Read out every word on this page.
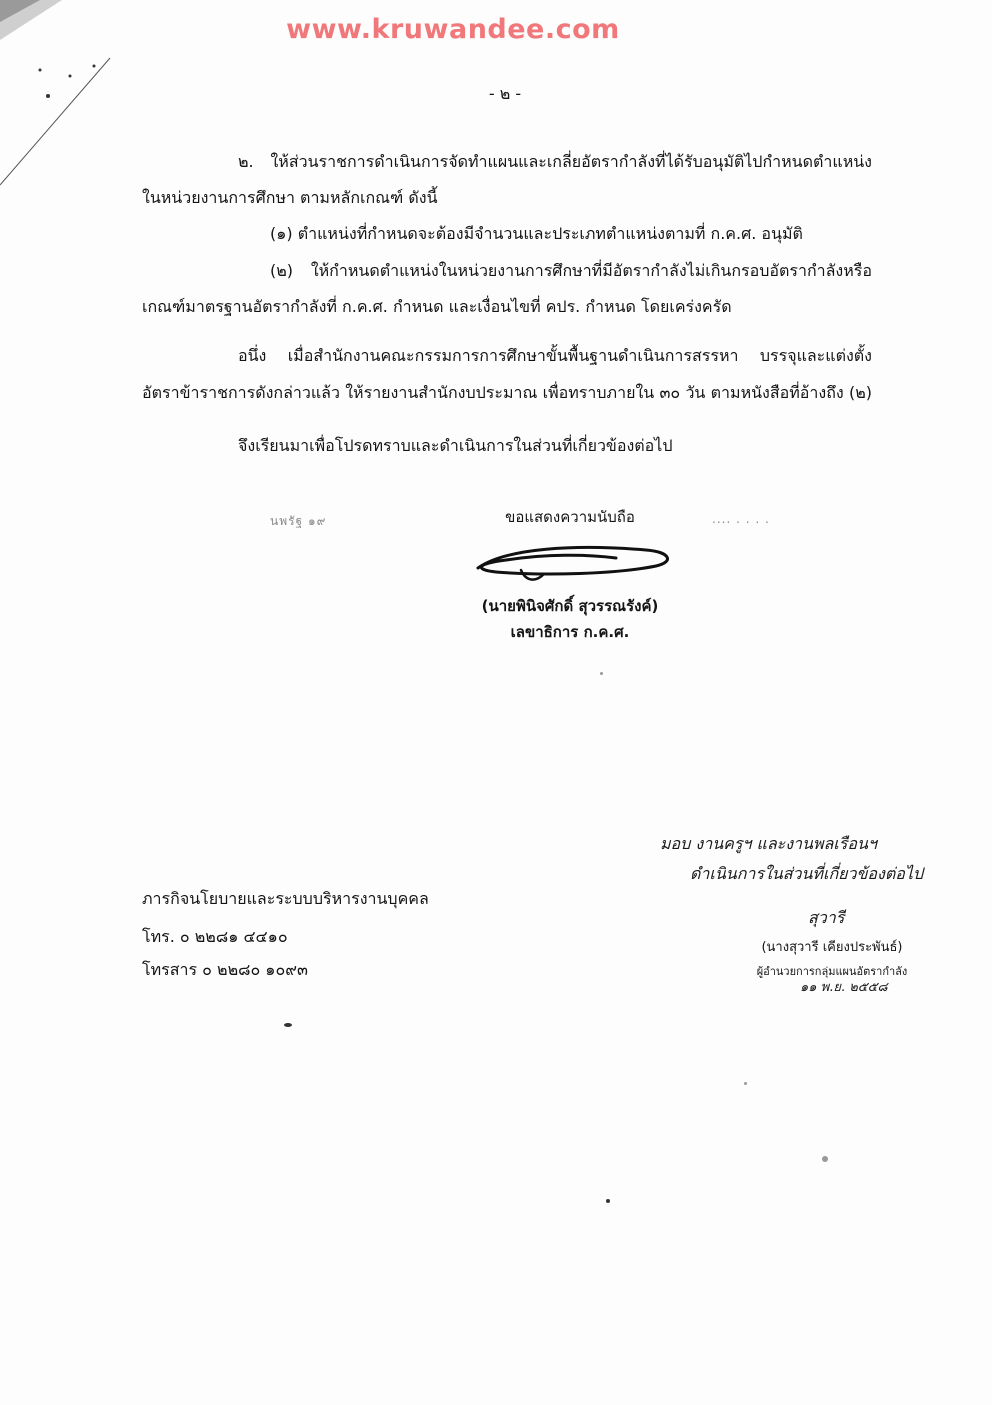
www.kruwandee.com
- ๒ -
๒. ให้ส่วนราชการดำเนินการจัดทำแผนและเกลี่ยอัตรากำลังที่ได้รับอนุมัติไปกำหนดตำแหน่ง
ในหน่วยงานการศึกษา ตามหลักเกณฑ์ ดังนี้
(๑) ตำแหน่งที่กำหนดจะต้องมีจำนวนและประเภทตำแหน่งตามที่ ก.ค.ศ. อนุมัติ
(๒) ให้กำหนดตำแหน่งในหน่วยงานการศึกษาที่มีอัตรากำลังไม่เกินกรอบอัตรากำลังหรือ
เกณฑ์มาตรฐานอัตรากำลังที่ ก.ค.ศ. กำหนด และเงื่อนไขที่ คปร. กำหนด โดยเคร่งครัด
อนึ่ง เมื่อสำนักงานคณะกรรมการการศึกษาขั้นพื้นฐานดำเนินการสรรหา บรรจุและแต่งตั้ง
อัตราข้าราชการดังกล่าวแล้ว ให้รายงานสำนักงบประมาณ เพื่อทราบภายใน ๓๐ วัน ตามหนังสือที่อ้างถึง (๒)
จึงเรียนมาเพื่อโปรดทราบและดำเนินการในส่วนที่เกี่ยวข้องต่อไป
นพรัฐ ๑๙	.... . . . .
ขอแสดงความนับถือ
(นายพินิจศักดิ์ สุวรรณรังค์)
เลขาธิการ ก.ค.ศ.
ภารกิจนโยบายและระบบบริหารงานบุคคล
โทร. ๐ ๒๒๘๑ ๔๔๑๐
โทรสาร ๐ ๒๒๘๐ ๑๐๙๓
มอบ งานครูฯ และงานพลเรือนฯ
ดำเนินการในส่วนที่เกี่ยวข้องต่อไป
สุวารี
(นางสุวารี เคียงประพันธ์)
ผู้อำนวยการกลุ่มแผนอัตรากำลัง
๑๑ พ.ย. ๒๕๕๘
